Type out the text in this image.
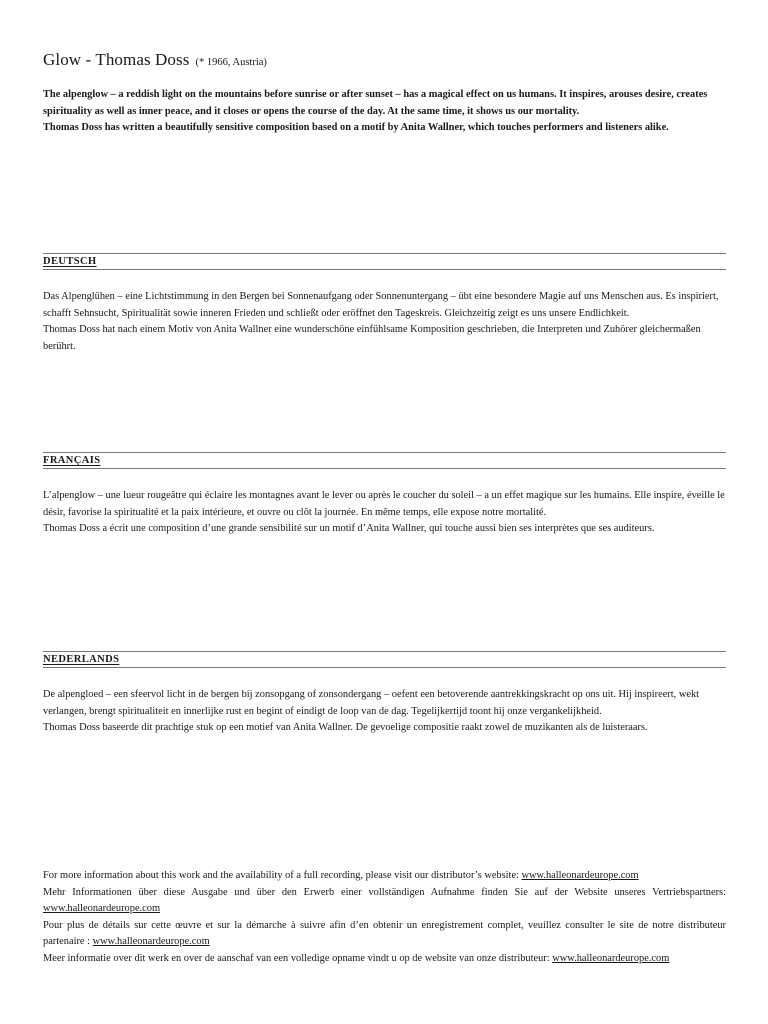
Glow - Thomas Doss (* 1966, Austria)

The alpenglow – a reddish light on the mountains before sunrise or after sunset – has a magical effect on us humans. It inspires, arouses desire, creates spirituality as well as inner peace, and it closes or opens the course of the day. At the same time, it shows us our mortality.

Thomas Doss has written a beautifully sensitive composition based on a motif by Anita Wallner, which touches performers and listeners alike.

DEUTSCH

Das Alpenglühen – eine Lichtstimmung in den Bergen bei Sonnenaufgang oder Sonnenuntergang – übt eine besondere Magie auf uns Menschen aus. Es inspiriert, schafft Sehnsucht, Spiritualität sowie inneren Frieden und schließt oder eröffnet den Tageskreis. Gleichzeitig zeigt es uns unsere Endlichkeit.

Thomas Doss hat nach einem Motiv von Anita Wallner eine wunderschöne einfühlsame Komposition geschrieben, die Interpreten und Zuhörer gleichermaßen berührt.

FRANÇAIS

L’alpenglow – une lueur rougeâtre qui éclaire les montagnes avant le lever ou après le coucher du soleil – a un effet magique sur les humains. Elle inspire, éveille le désir, favorise la spiritualité et la paix intérieure, et ouvre ou clôt la journée. En même temps, elle expose notre mortalité.

Thomas Doss a écrit une composition d’une grande sensibilité sur un motif d’Anita Wallner, qui touche aussi bien ses interprètes que ses auditeurs.

NEDERLANDS

De alpengloed – een sfeervol licht in de bergen bij zonsopgang of zonsondergang – oefent een betoverende aantrekkingskracht op ons uit. Hij inspireert, wekt verlangen, brengt spiritualiteit en innerlijke rust en begint of eindigt de loop van de dag. Tegelijkertijd toont hij onze vergankelijkheid.

Thomas Doss baseerde dit prachtige stuk op een motief van Anita Wallner. De gevoelige compositie raakt zowel de muzikanten als de luisteraars.

For more information about this work and the availability of a full recording, please visit our distributor’s website: www.halleonardeurope.com

Mehr Informationen über diese Ausgabe und über den Erwerb einer vollständigen Aufnahme finden Sie auf der Website unseres Vertriebspartners: www.halleonardeurope.com

Pour plus de détails sur cette œuvre et sur la démarche à suivre afin d’en obtenir un enregistrement complet, veuillez consulter le site de notre distributeur partenaire : www.halleonardeurope.com

Meer informatie over dit werk en over de aanschaf van een volledige opname vindt u op de website van onze distributeur: www.halleonardeurope.com
